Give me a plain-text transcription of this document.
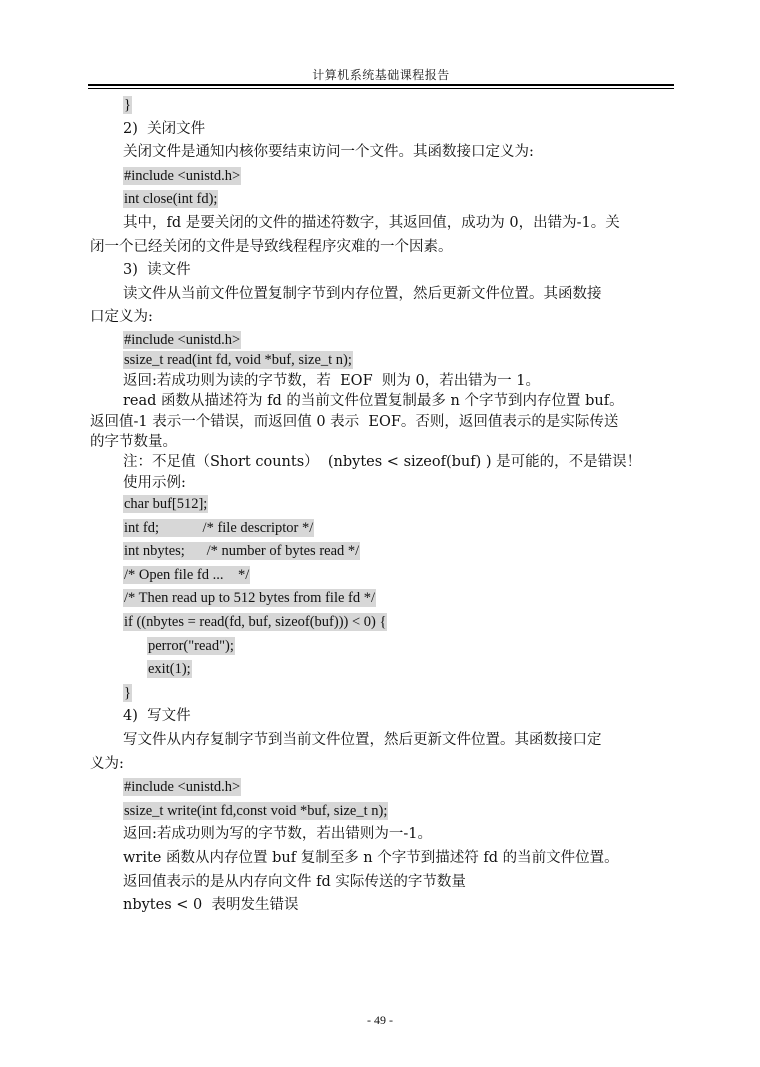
计算机系统基础课程报告
}
2)  关闭文件
关闭文件是通知内核你要结束访问一个文件。其函数接口定义为:
#include <unistd.h>
int close(int fd);
其中，fd 是要关闭的文件的描述符数字，其返回值，成功为 0，出错为-1。关
闭一个已经关闭的文件是导致线程程序灾难的一个因素。
3)  读文件
读文件从当前文件位置复制字节到内存位置，然后更新文件位置。其函数接
口定义为:
#include <unistd.h>
ssize_t read(int fd, void *buf, size_t n);
返回:若成功则为读的字节数，若  EOF  则为 0，若出错为一 1。
read 函数从描述符为 fd 的当前文件位置复制最多 n 个字节到内存位置 buf。
返回值-1 表示一个错误，而返回值 0 表示  EOF。否则，返回值表示的是实际传送
的字节数量。
注：不足值（Short counts）  (nbytes < sizeof(buf) ) 是可能的，不是错误！
使用示例:
char buf[512];
int fd;            /* file descriptor */
int nbytes;      /* number of bytes read */
/* Open file fd ...    */
/* Then read up to 512 bytes from file fd */
if ((nbytes = read(fd, buf, sizeof(buf))) < 0) {
perror("read");
exit(1);
}
4)  写文件
写文件从内存复制字节到当前文件位置，然后更新文件位置。其函数接口定
义为:
#include <unistd.h>
ssize_t write(int fd,const void *buf, size_t n);
返回:若成功则为写的字节数，若出错则为一-1。
write 函数从内存位置 buf 复制至多 n 个字节到描述符 fd 的当前文件位置。
返回值表示的是从内存向文件 fd 实际传送的字节数量
nbytes < 0  表明发生错误
- 49 -
